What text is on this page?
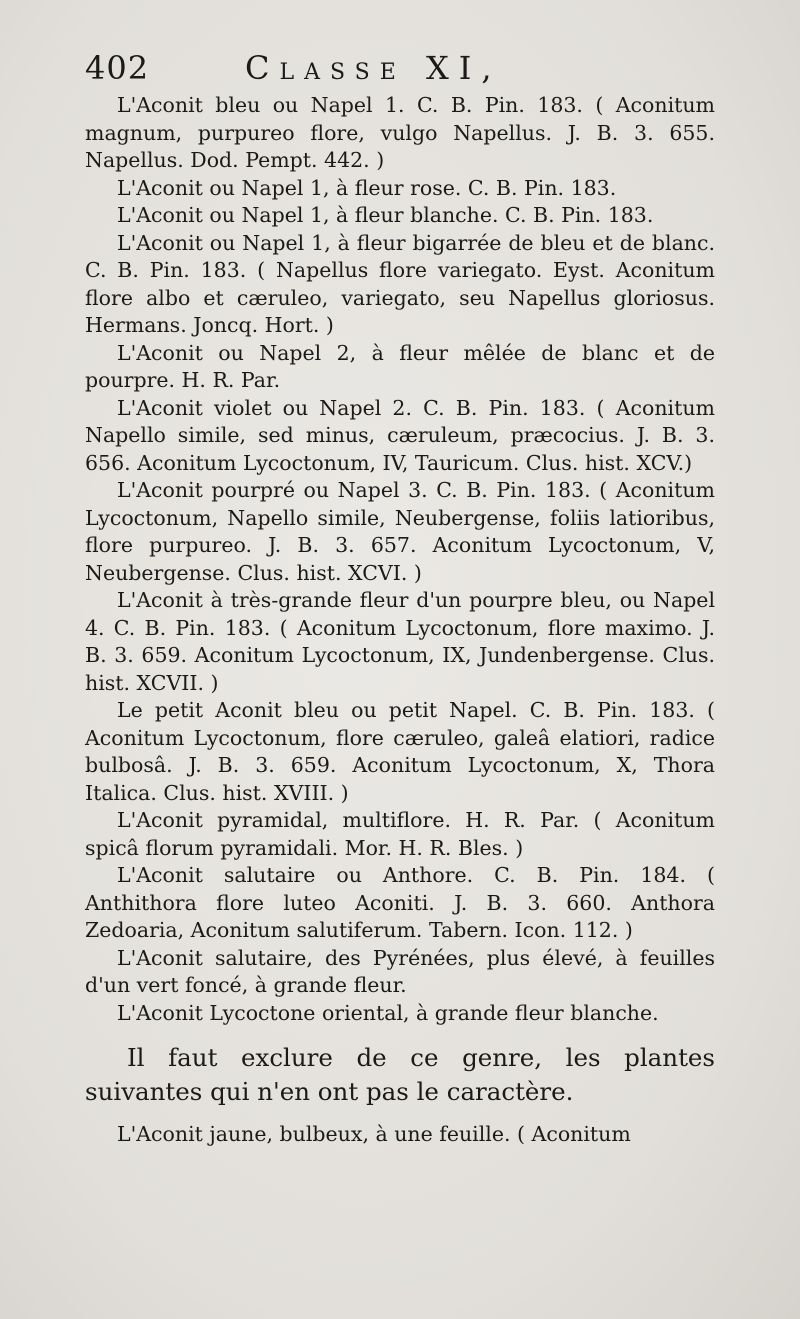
402	Classe XI,

L'Aconit bleu ou Napel 1. C. B. Pin. 183. ( Aconitum magnum, purpureo flore, vulgo Napellus. J. B. 3. 655. Napellus. Dod. Pempt. 442. )

L'Aconit ou Napel 1, à fleur rose. C. B. Pin. 183.

L'Aconit ou Napel 1, à fleur blanche. C. B. Pin. 183.

L'Aconit ou Napel 1, à fleur bigarrée de bleu et de blanc. C. B. Pin. 183. ( Napellus flore variegato. Eyst. Aconitum flore albo et cæruleo, variegato, seu Napellus gloriosus. Hermans. Joncq. Hort. )

L'Aconit ou Napel 2, à fleur mêlée de blanc et de pourpre. H. R. Par.

L'Aconit violet ou Napel 2. C. B. Pin. 183. ( Aconitum Napello simile, sed minus, cæruleum, præcocius. J. B. 3. 656. Aconitum Lycoctonum, IV, Tauricum. Clus. hist. XCV.)

L'Aconit pourpré ou Napel 3. C. B. Pin. 183. ( Aconitum Lycoctonum, Napello simile, Neubergense, foliis latioribus, flore purpureo. J. B. 3. 657. Aconitum Lycoctonum, V, Neubergense. Clus. hist. XCVI. )

L'Aconit à très-grande fleur d'un pourpre bleu, ou Napel 4. C. B. Pin. 183. ( Aconitum Lycoctonum, flore maximo. J. B. 3. 659. Aconitum Lycoctonum, IX, Jundenbergense. Clus. hist. XCVII. )

Le petit Aconit bleu ou petit Napel. C. B. Pin. 183. ( Aconitum Lycoctonum, flore cæruleo, galeâ elatiori, radice bulbosâ. J. B. 3. 659. Aconitum Lycoctonum, X, Thora Italica. Clus. hist. XVIII. )

L'Aconit pyramidal, multiflore. H. R. Par. ( Aconitum spicâ florum pyramidali. Mor. H. R. Bles. )

L'Aconit salutaire ou Anthore. C. B. Pin. 184. ( Anthithora flore luteo Aconiti. J. B. 3. 660. Anthora Zedoaria, Aconitum salutiferum. Tabern. Icon. 112. )

L'Aconit salutaire, des Pyrénées, plus élevé, à feuilles d'un vert foncé, à grande fleur.

L'Aconit Lycoctone oriental, à grande fleur blanche.

Il faut exclure de ce genre, les plantes suivantes qui n'en ont pas le caractère.

L'Aconit jaune, bulbeux, à une feuille. ( Aconitum
